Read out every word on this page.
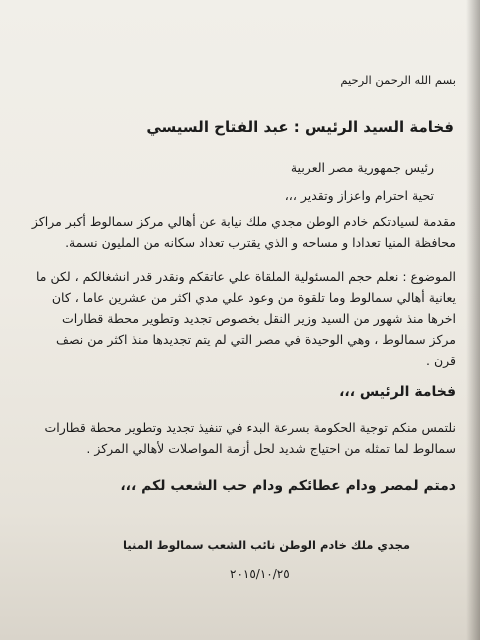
بسم الله الرحمن الرحيم
فخامة السيد الرئيس : عبد الفتاح السيسي
رئيس جمهورية مصر العربية
تحية احترام واعزاز وتقدير ،،،
مقدمة لسيادتكم خادم الوطن مجدي ملك نيابة عن أهالي مركز سمالوط أكبر مراكز
محافظة المنيا تعدادا و مساحه و الذي يقترب تعداد سكانه من المليون نسمة.
الموضوع : نعلم حجم المسئولية الملقاة علي عاتقكم ونقدر قدر انشغالكم ، لكن ما
يعانية أهالي سمالوط وما تلقوة من وعود علي مدي اكثر من عشرين عاما ، كان
اخرها منذ شهور من السيد وزير النقل بخصوص تجديد وتطوير محطة قطارات
مركز سمالوط ، وهي الوحيدة في مصر التي لم يتم تجديدها منذ اكثر من نصف
قرن .
فخامة الرئيس ،،،
نلتمس منكم توجية الحكومة بسرعة البدء في تنفيذ تجديد وتطوير محطة قطارات
سمالوط لما تمثله من احتياج شديد لحل أزمة المواصلات لأهالي المركز .
دمتم لمصر ودام عطائكم ودام حب الشعب لكم ،،،
مجدي ملك خادم الوطن نائب الشعب سمالوط المنيا
٢٠١٥/١٠/٢٥
